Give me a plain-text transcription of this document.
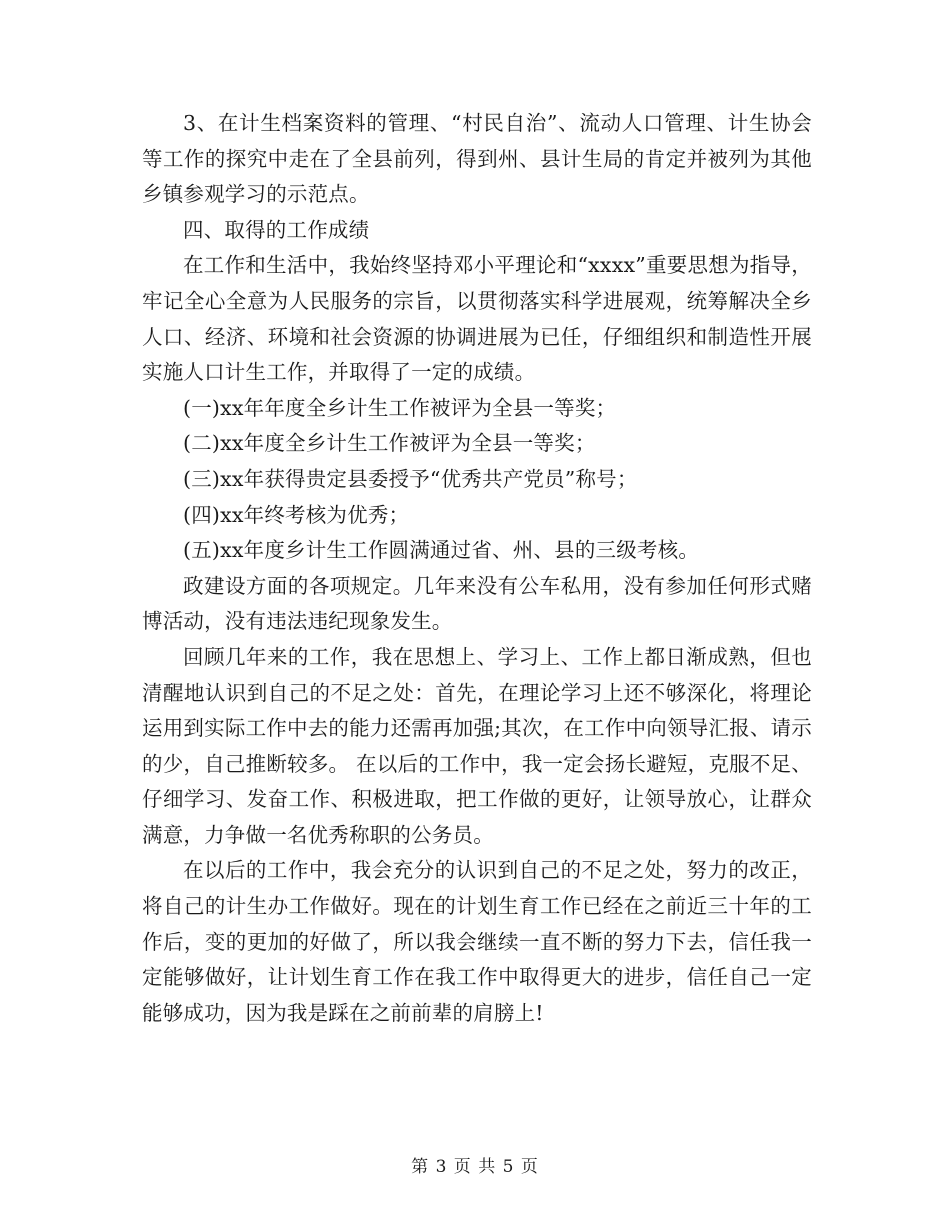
3、在计生档案资料的管理、“村民自治”、流动人口管理、计生协会等工作的探究中走在了全县前列，得到州、县计生局的肯定并被列为其他乡镇参观学习的示范点。

四、取得的工作成绩

在工作和生活中，我始终坚持邓小平理论和“xxxx”重要思想为指导，牢记全心全意为人民服务的宗旨，以贯彻落实科学进展观，统筹解决全乡人口、经济、环境和社会资源的协调进展为已任，仔细组织和制造性开展实施人口计生工作，并取得了一定的成绩。

(一)xx年年度全乡计生工作被评为全县一等奖；

(二)xx年度全乡计生工作被评为全县一等奖；

(三)xx年获得贵定县委授予“优秀共产党员”称号；

(四)xx年终考核为优秀；

(五)xx年度乡计生工作圆满通过省、州、县的三级考核。

政建设方面的各项规定。几年来没有公车私用，没有参加任何形式赌博活动，没有违法违纪现象发生。

回顾几年来的工作，我在思想上、学习上、工作上都日渐成熟，但也清醒地认识到自己的不足之处：首先，在理论学习上还不够深化，将理论运用到实际工作中去的能力还需再加强;其次，在工作中向领导汇报、请示的少，自己推断较多。 在以后的工作中，我一定会扬长避短，克服不足、仔细学习、发奋工作、积极进取，把工作做的更好，让领导放心，让群众满意，力争做一名优秀称职的公务员。

在以后的工作中，我会充分的认识到自己的不足之处，努力的改正，将自己的计生办工作做好。现在的计划生育工作已经在之前近三十年的工作后，变的更加的好做了，所以我会继续一直不断的努力下去，信任我一定能够做好，让计划生育工作在我工作中取得更大的进步，信任自己一定能够成功，因为我是踩在之前前辈的肩膀上!

第 3 页 共 5 页
